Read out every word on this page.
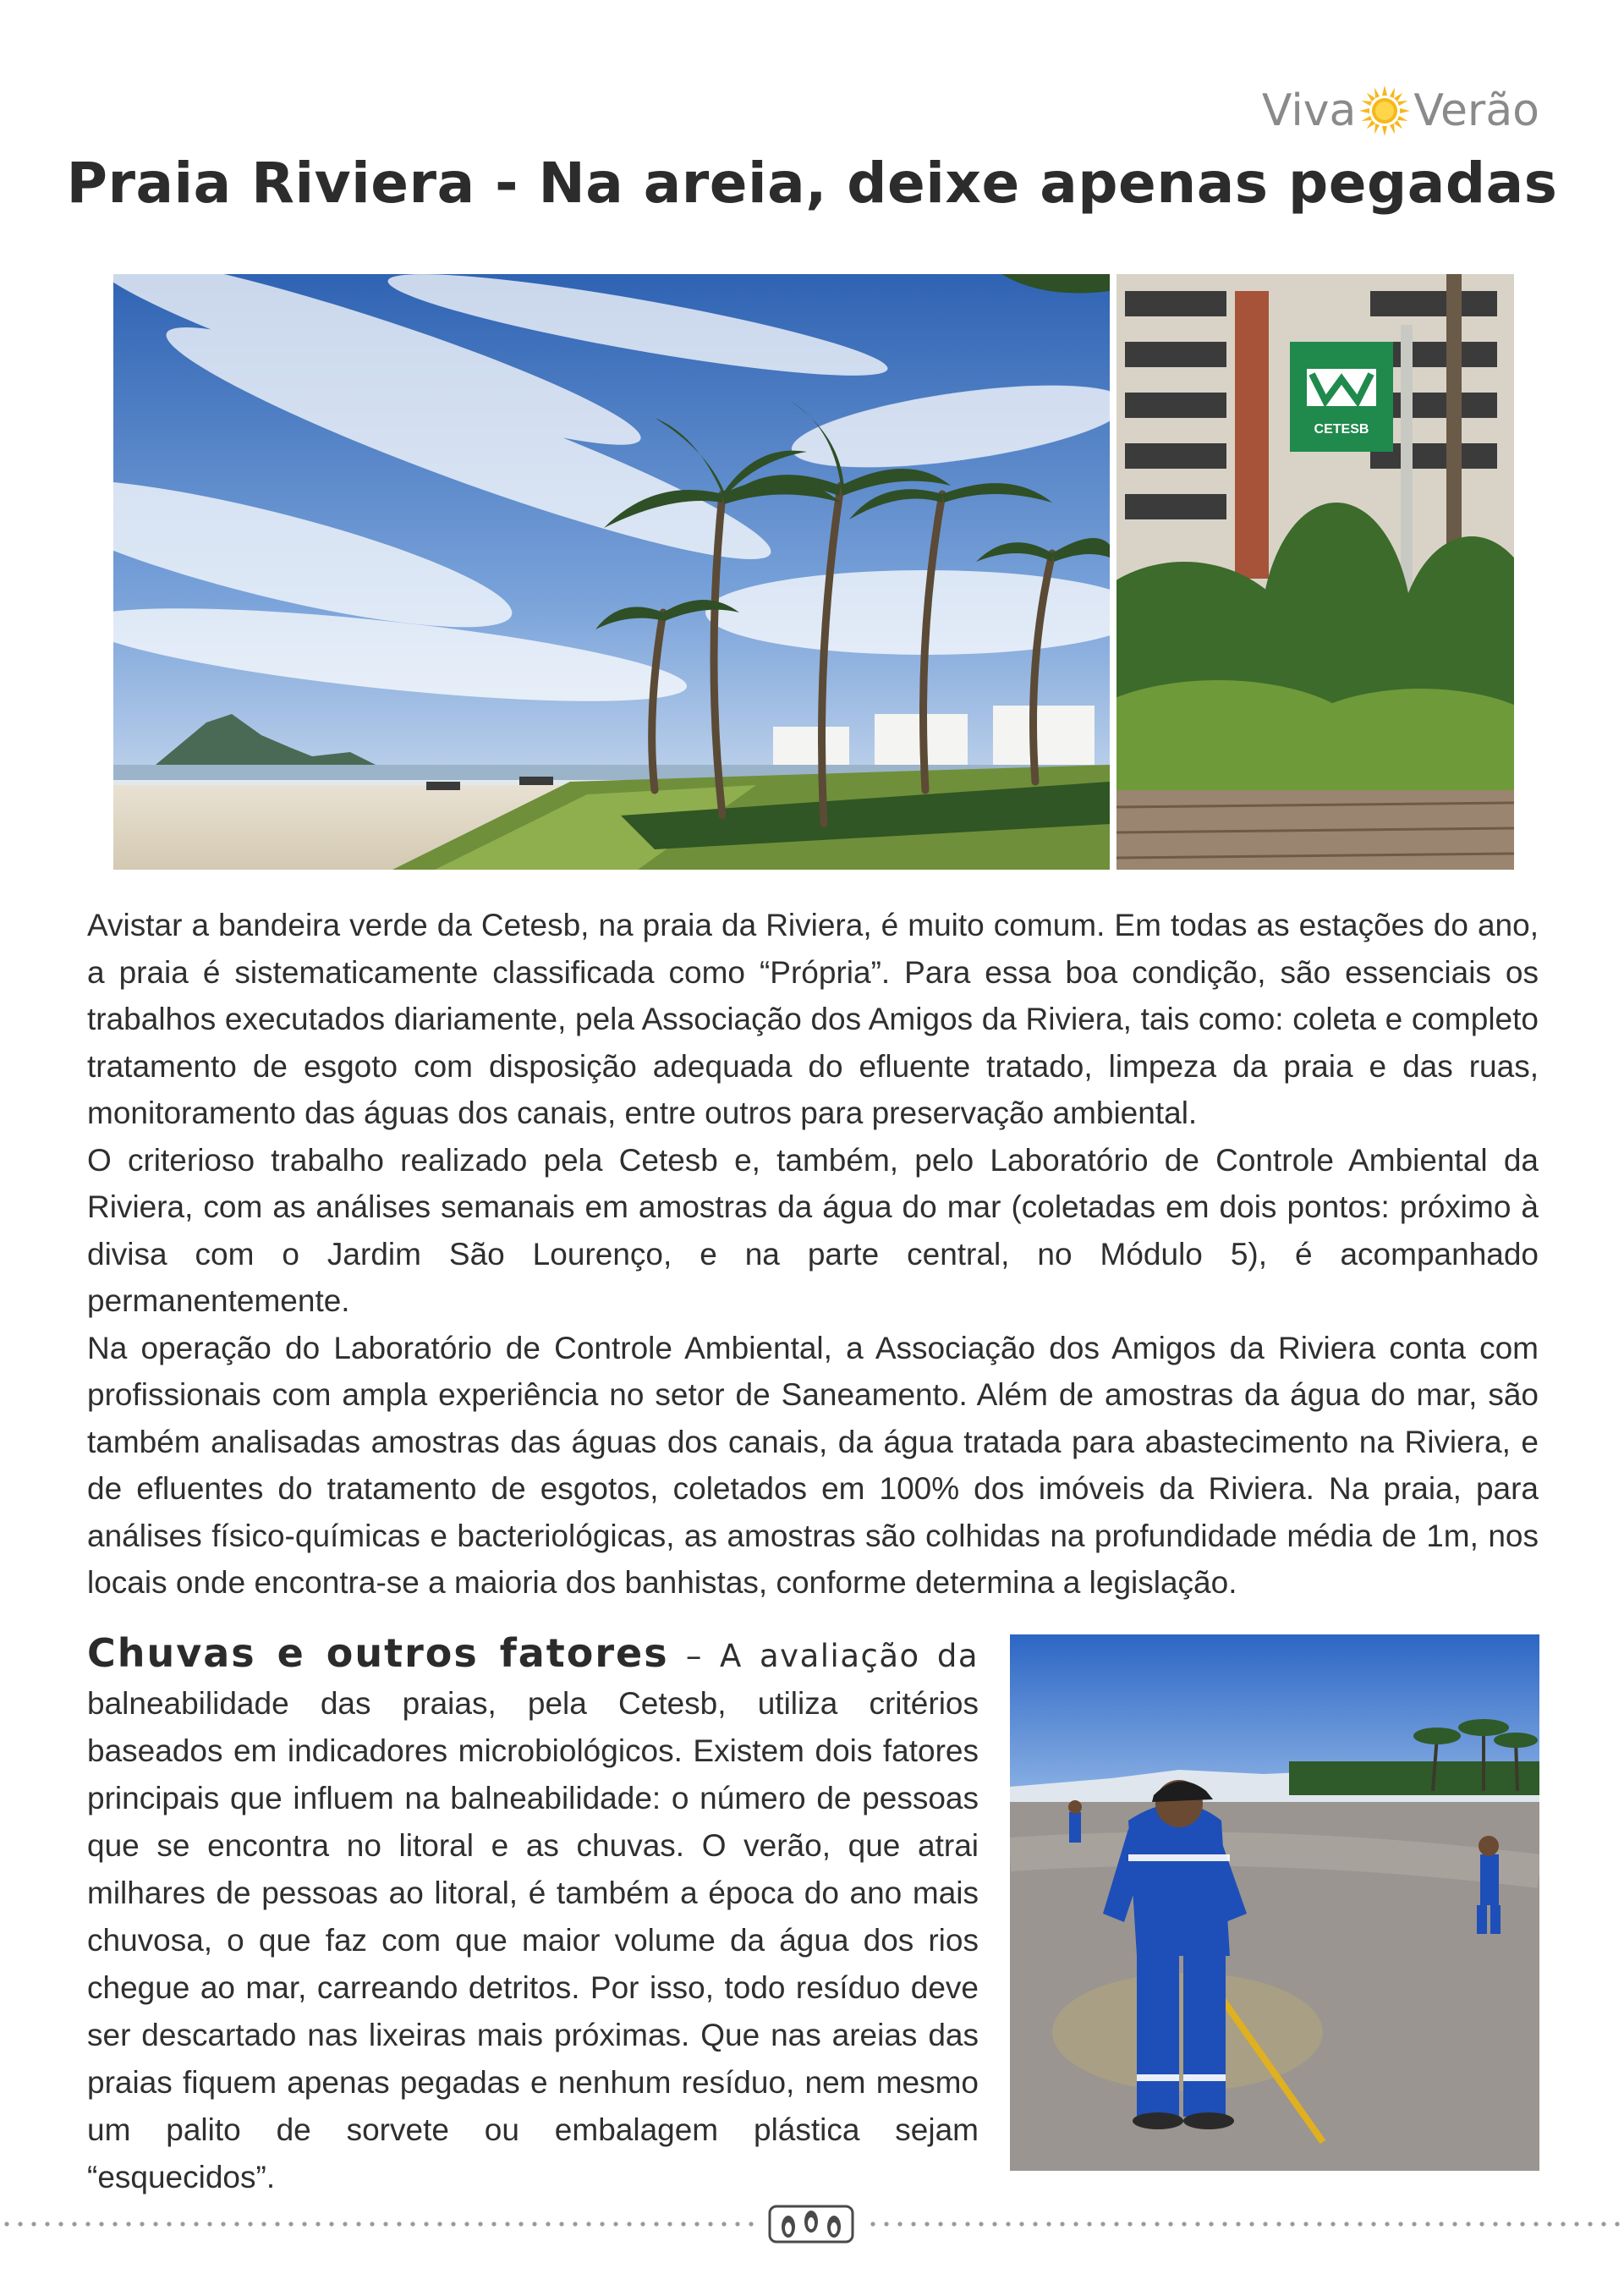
Viva Verão
Praia Riviera - Na areia, deixe apenas pegadas
CETESB

Avistar a bandeira verde da Cetesb, na praia da Riviera, é muito comum. Em todas as estações do ano, a praia é sistematicamente classificada como “Própria”. Para essa boa condição, são essenciais os trabalhos executados diariamente, pela Associação dos Amigos da Riviera, tais como: coleta e completo tratamento de esgoto com disposição adequada do efluente tratado, limpeza da praia e das ruas, monitoramento das águas dos canais, entre outros para preservação ambiental.

O criterioso trabalho realizado pela Cetesb e, também, pelo Laboratório de Controle Ambiental da Riviera, com as análises semanais em amostras da água do mar (coletadas em dois pontos: próximo à divisa com o Jardim São Lourenço, e na parte central, no Módulo 5), é acompanhado permanentemente.

Na operação do Laboratório de Controle Ambiental, a Associação dos Amigos da Riviera conta com profissionais com ampla experiência no setor de Saneamento. Além de amostras da água do mar, são também analisadas amostras das águas dos canais, da água tratada para abastecimento na Riviera, e de efluentes do tratamento de esgotos, coletados em 100% dos imóveis da Riviera. Na praia, para análises físico-químicas e bacteriológicas, as amostras são colhidas na profundidade média de 1m, nos locais onde encontra-se a maioria dos banhistas, conforme determina a legislação.

Chuvas e outros fatores – A avaliação da balneabilidade das praias, pela Cetesb, utiliza critérios baseados em indicadores microbiológicos. Existem dois fatores principais que influem na balneabilidade: o número de pessoas que se encontra no litoral e as chuvas. O verão, que atrai milhares de pessoas ao litoral, é também a época do ano mais chuvosa, o que faz com que maior volume da água dos rios chegue ao mar, carreando detritos. Por isso, todo resíduo deve ser descartado nas lixeiras mais próximas. Que nas areias das praias fiquem apenas pegadas e nenhum resíduo, nem mesmo um palito de sorvete ou embalagem plástica sejam “esquecidos”.
